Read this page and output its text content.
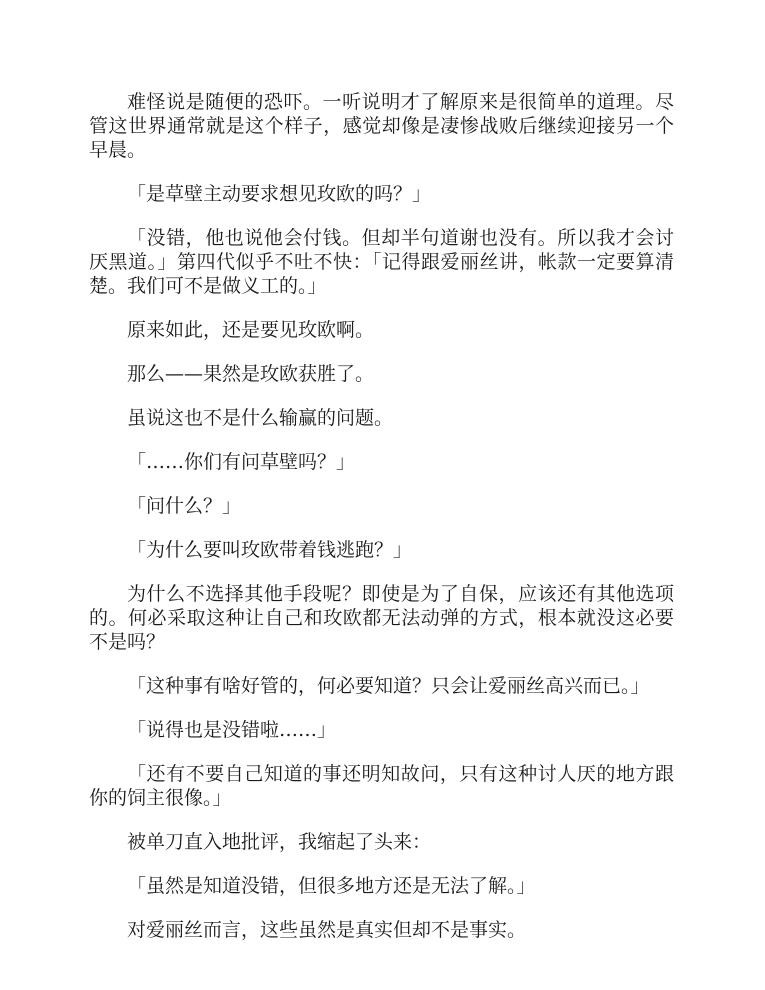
难怪说是随便的恐吓。一听说明才了解原来是很简单的道理。尽管这世界通常就是这个样子，感觉却像是凄惨战败后继续迎接另一个早晨。

「是草壁主动要求想见玫欧的吗？」

「没错，他也说他会付钱。但却半句道谢也没有。所以我才会讨厌黑道。」第四代似乎不吐不快：「记得跟爱丽丝讲，帐款一定要算清楚。我们可不是做义工的。」

原来如此，还是要见玫欧啊。

那么——果然是玫欧获胜了。

虽说这也不是什么输赢的问题。

「……你们有问草壁吗？」

「问什么？」

「为什么要叫玫欧带着钱逃跑？」

为什么不选择其他手段呢？即使是为了自保，应该还有其他选项的。何必采取这种让自己和玫欧都无法动弹的方式，根本就没这必要不是吗？

「这种事有啥好管的，何必要知道？只会让爱丽丝高兴而已。」

「说得也是没错啦……」

「还有不要自己知道的事还明知故问，只有这种讨人厌的地方跟你的饲主很像。」

被单刀直入地批评，我缩起了头来：

「虽然是知道没错，但很多地方还是无法了解。」

对爱丽丝而言，这些虽然是真实但却不是事实。
